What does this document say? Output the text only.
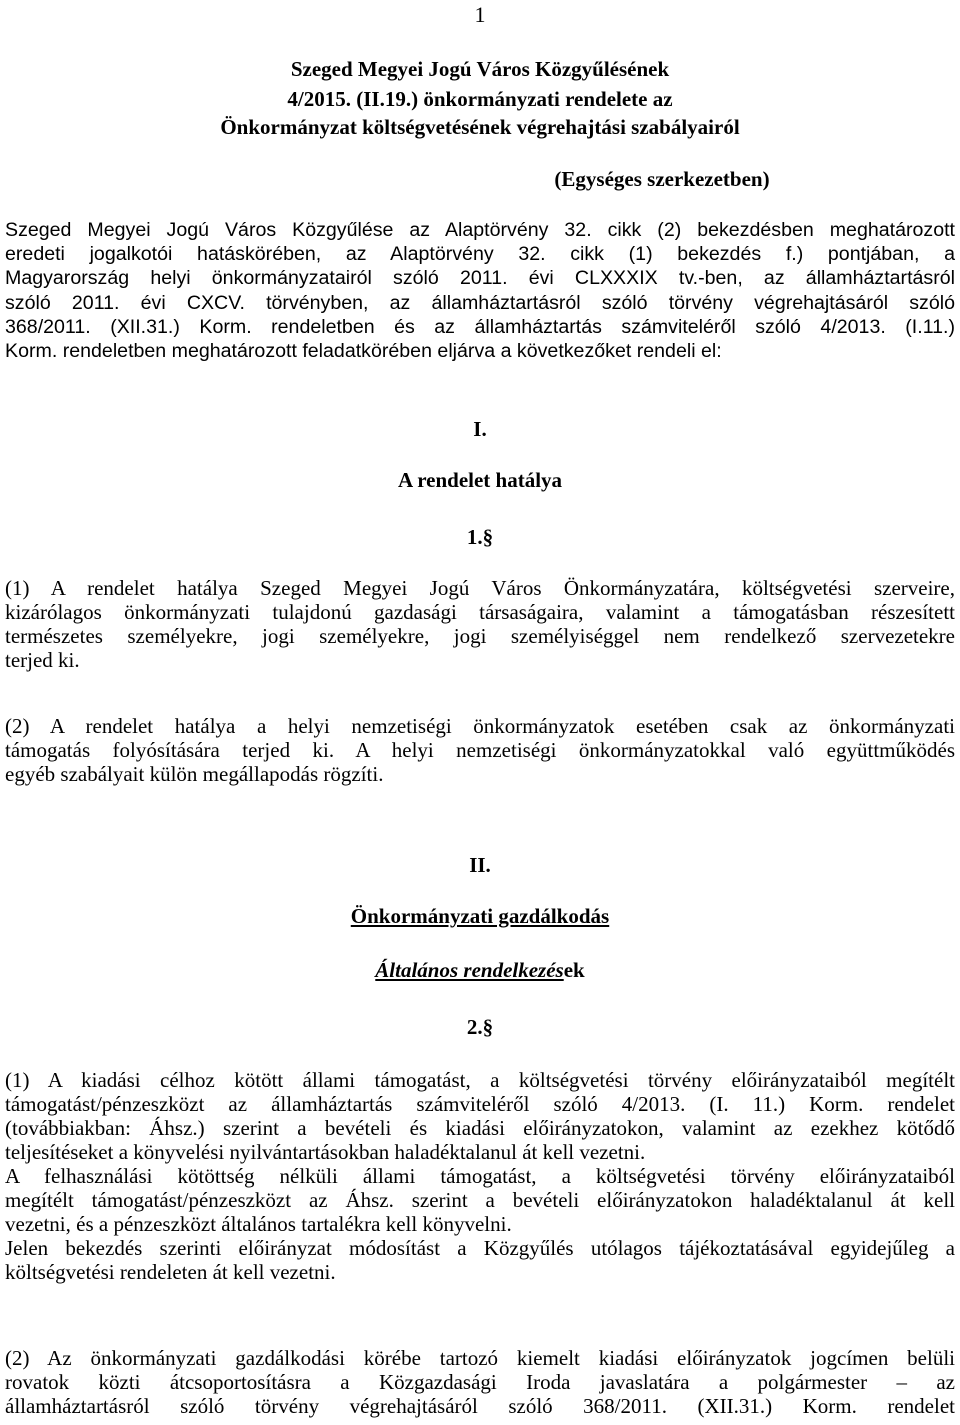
1
Szeged Megyei Jogú Város Közgyűlésének
4/2015. (II.19.) önkormányzati rendelete az
Önkormányzat költségvetésének végrehajtási szabályairól
(Egységes szerkezetben)
Szeged Megyei Jogú Város Közgyűlése az Alaptörvény 32. cikk (2) bekezdésben meghatározott
eredeti jogalkotói hatáskörében, az Alaptörvény 32. cikk (1) bekezdés f.) pontjában, a
Magyarország helyi önkormányzatairól szóló 2011. évi CLXXXIX tv.-ben, az államháztartásról
szóló 2011. évi CXCV. törvényben, az államháztartásról szóló törvény végrehajtásáról szóló
368/2011. (XII.31.) Korm. rendeletben és az államháztartás számviteléről szóló 4/2013. (I.11.)
Korm. rendeletben meghatározott feladatkörében eljárva a következőket rendeli el:
I.
A rendelet hatálya
1.§
(1) A rendelet hatálya Szeged Megyei Jogú Város Önkormányzatára, költségvetési szerveire,
kizárólagos önkormányzati tulajdonú gazdasági társaságaira, valamint a támogatásban részesített
természetes személyekre, jogi személyekre, jogi személyiséggel nem rendelkező szervezetekre
terjed ki.
(2) A rendelet hatálya a helyi nemzetiségi önkormányzatok esetében csak az önkormányzati
támogatás folyósítására terjed ki. A helyi nemzetiségi önkormányzatokkal való együttműködés
egyéb szabályait külön megállapodás rögzíti.
II.
Önkormányzati gazdálkodás
Általános rendelkezések
2.§
(1) A kiadási célhoz kötött állami támogatást, a költségvetési törvény előirányzataiból megítélt
támogatást/pénzeszközt az államháztartás számviteléről szóló 4/2013. (I. 11.) Korm. rendelet
(továbbiakban: Áhsz.) szerint a bevételi és kiadási előirányzatokon, valamint az ezekhez kötődő
teljesítéseket a könyvelési nyilvántartásokban haladéktalanul át kell vezetni.
A felhasználási kötöttség nélküli állami támogatást, a költségvetési törvény előirányzataiból
megítélt támogatást/pénzeszközt az Áhsz. szerint a bevételi előirányzatokon haladéktalanul át kell
vezetni, és a pénzeszközt általános tartalékra kell könyvelni.
Jelen bekezdés szerinti előirányzat módosítást a Közgyűlés utólagos tájékoztatásával egyidejűleg a
költségvetési rendeleten át kell vezetni.
(2) Az önkormányzati gazdálkodási körébe tartozó kiemelt kiadási előirányzatok jogcímen belüli
rovatok közti átcsoportosításra a Közgazdasági Iroda javaslatára a polgármester – az
államháztartásról szóló törvény végrehajtásáról szóló 368/2011. (XII.31.) Korm. rendelet
